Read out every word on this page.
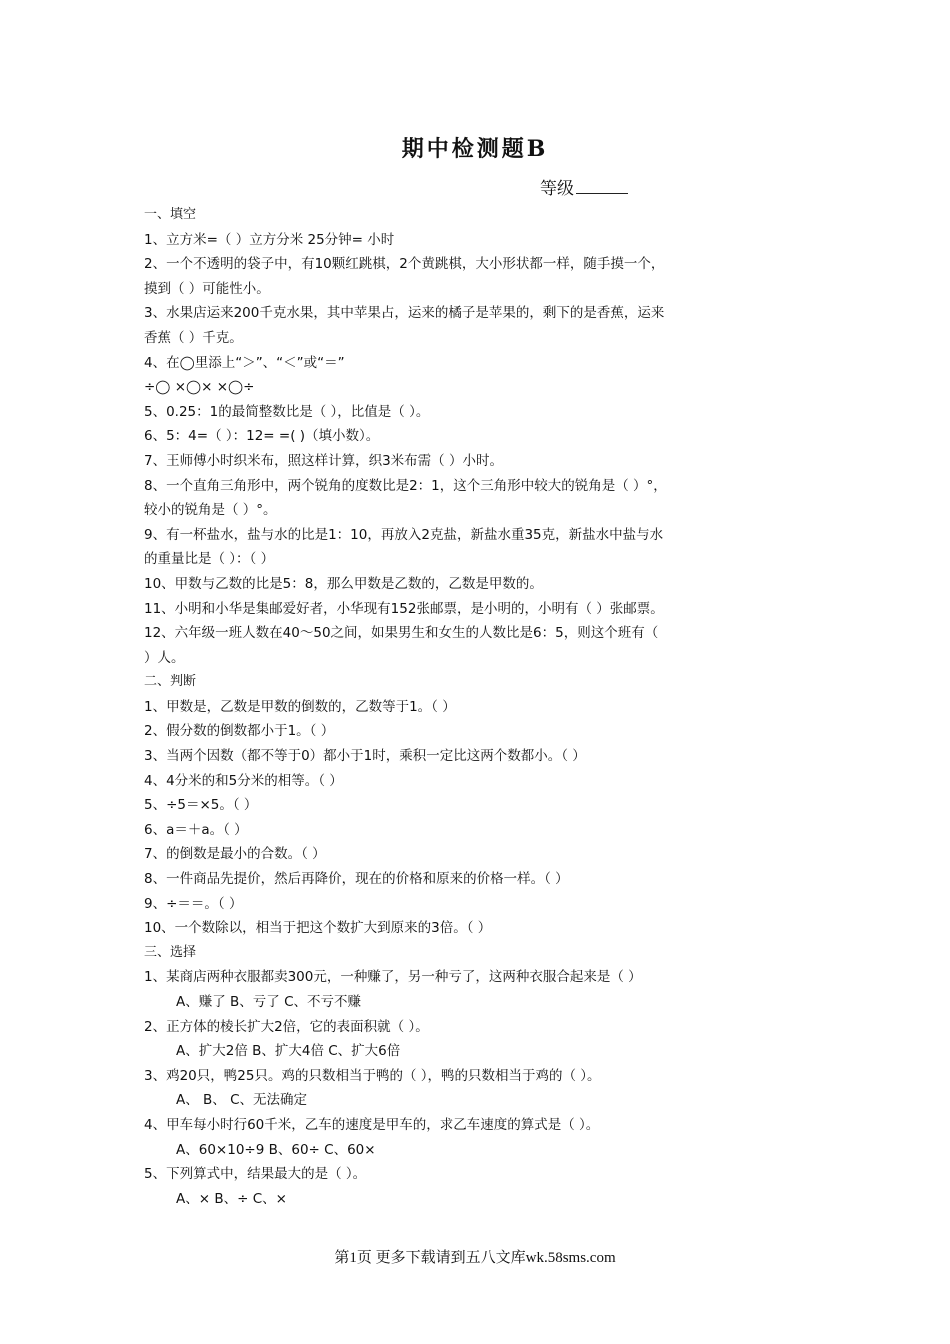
期中检测题B
等级
一、填空
1、立方米=（ ）立方分米 25分钟= 小时
2、一个不透明的袋子中，有10颗红跳棋，2个黄跳棋，大小形状都一样，随手摸一个，
摸到（ ）可能性小。
3、水果店运来200千克水果，其中苹果占，运来的橘子是苹果的，剩下的是香蕉，运来
香蕉（ ）千克。
4、在◯里添上“＞”、“＜”或“＝”
÷◯ ×◯× ×◯÷
5、0.25：1的最简整数比是（ ），比值是（ ）。
6、5：4=（ ）：12= =( )（填小数）。
7、王师傅小时织米布，照这样计算，织3米布需（ ）小时。
8、一个直角三角形中，两个锐角的度数比是2：1，这个三角形中较大的锐角是（ ）°，
较小的锐角是（ ）°。
9、有一杯盐水，盐与水的比是1：10，再放入2克盐，新盐水重35克，新盐水中盐与水
的重量比是（ ）：（ ）
10、甲数与乙数的比是5：8，那么甲数是乙数的，乙数是甲数的。
11、小明和小华是集邮爱好者，小华现有152张邮票，是小明的，小明有（ ）张邮票。
12、六年级一班人数在40～50之间，如果男生和女生的人数比是6：5，则这个班有（
）人。
二、判断
1、甲数是，乙数是甲数的倒数的，乙数等于1。（ ）
2、假分数的倒数都小于1。（ ）
3、当两个因数（都不等于0）都小于1时，乘积一定比这两个数都小。（ ）
4、4分米的和5分米的相等。（ ）
5、÷5＝×5。（ ）
6、a＝＋a。（ ）
7、的倒数是最小的合数。（ ）
8、一件商品先提价，然后再降价，现在的价格和原来的价格一样。（ ）
9、÷＝＝。（ ）
10、一个数除以，相当于把这个数扩大到原来的3倍。（ ）
三、选择
1、某商店两种衣服都卖300元，一种赚了，另一种亏了，这两种衣服合起来是（ ）
A、赚了 B、亏了 C、不亏不赚
2、正方体的棱长扩大2倍，它的表面积就（ ）。
A、扩大2倍 B、扩大4倍 C、扩大6倍
3、鸡20只，鸭25只。鸡的只数相当于鸭的（ ），鸭的只数相当于鸡的（ ）。
A、 B、 C、无法确定
4、甲车每小时行60千米，乙车的速度是甲车的，求乙车速度的算式是（ ）。
A、60×10÷9 B、60÷ C、60×
5、下列算式中，结果最大的是（ ）。
A、× B、÷ C、×
第1页 更多下载请到五八文库wk.58sms.com
